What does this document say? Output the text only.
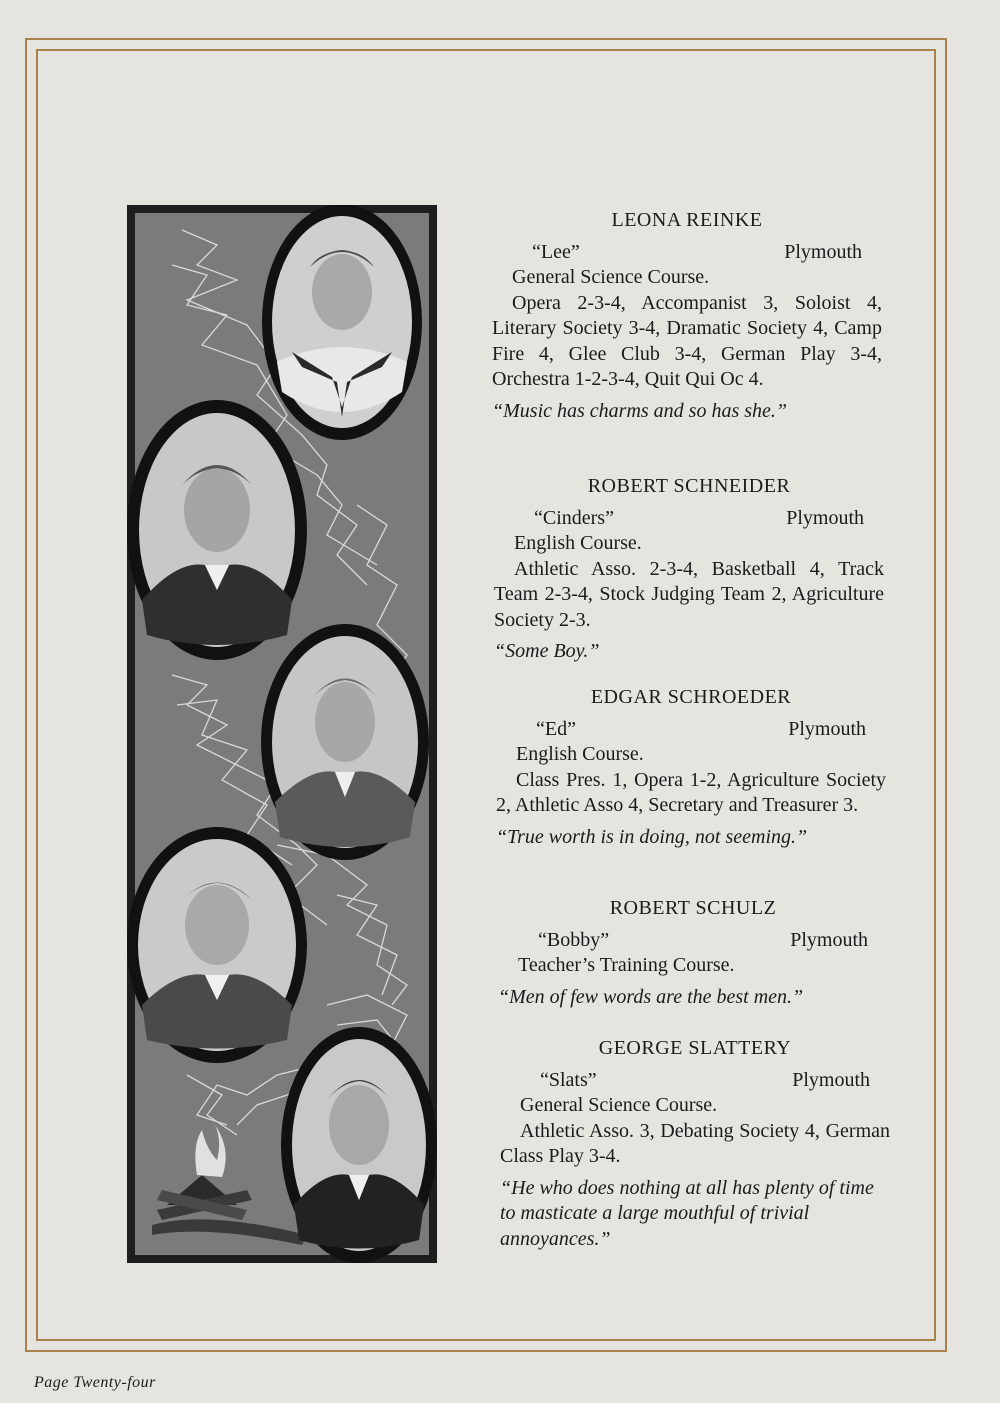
LEONA REINKE
“Lee”	Plymouth
General Science Course.
Opera 2-3-4, Accompanist 3, Soloist 4, Literary Society 3-4, Dramatic Society 4, Camp Fire 4, Glee Club 3-4, German Play 3-4, Orchestra 1-2-3-4, Quit Qui Oc 4.
“Music has charms and so has she.”
ROBERT SCHNEIDER
“Cinders”	Plymouth
English Course.
Athletic Asso. 2-3-4, Basketball 4, Track Team 2-3-4, Stock Judging Team 2, Agriculture Society 2-3.
“Some Boy.”
EDGAR SCHROEDER
“Ed”	Plymouth
English Course.
Class Pres. 1, Opera 1-2, Agriculture Society 2, Athletic Asso 4, Secretary and Treasurer 3.
“True worth is in doing, not seeming.”
ROBERT SCHULZ
“Bobby”	Plymouth
Teacher’s Training Course.
“Men of few words are the best men.”
GEORGE SLATTERY
“Slats”	Plymouth
General Science Course.
Athletic Asso. 3, Debating Society 4, German Class Play 3-4.
“He who does nothing at all has plenty of time to masticate a large mouthful of trivial annoyances.”
Page Twenty-four
